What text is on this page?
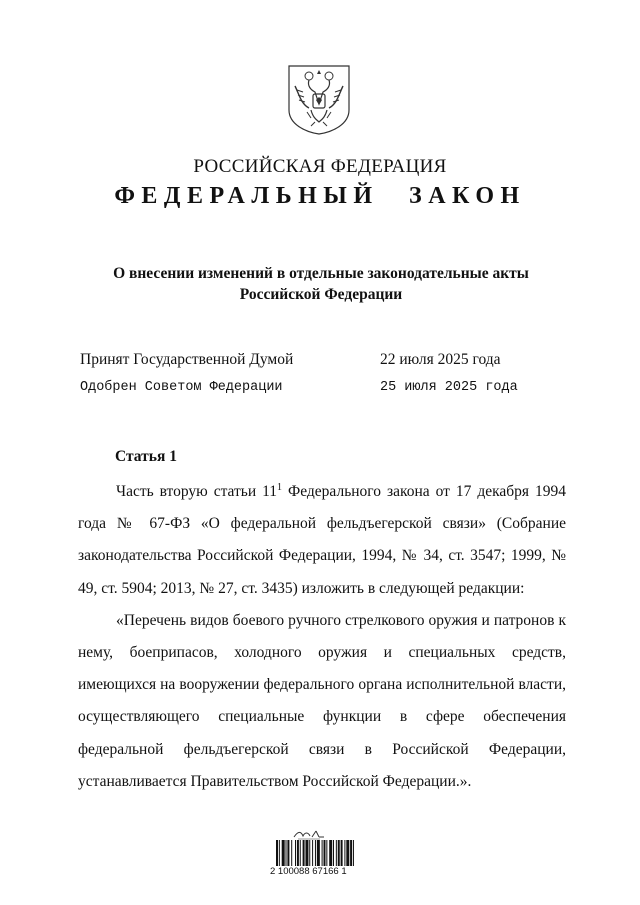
РОССИЙСКАЯ ФЕДЕРАЦИЯ
ФЕДЕРАЛЬНЫЙ ЗАКОН
О внесении изменений в отдельные законодательные акты
Российской Федерации
Принят Государственной Думой	22 июля 2025 года
Одобрен Советом Федерации	25 июля 2025 года
Статья 1

Часть вторую статьи $11^1$ Федерального закона от 17 декабря 1994 года № 67-ФЗ «О федеральной фельдъегерской связи» (Собрание законодательства Российской Федерации, 1994, № 34, ст. 3547; 1999, № 49, ст. 5904; 2013, № 27, ст. 3435) изложить в следующей редакции:

«Перечень видов боевого ручного стрелкового оружия и патронов к нему, боеприпасов, холодного оружия и специальных средств, имеющихся на вооружении федерального органа исполнительной власти, осуществляющего специальные функции в сфере обеспечения федеральной фельдъегерской связи в Российской Федерации, устанавливается Правительством Российской Федерации.».

2 100088 67166 1
